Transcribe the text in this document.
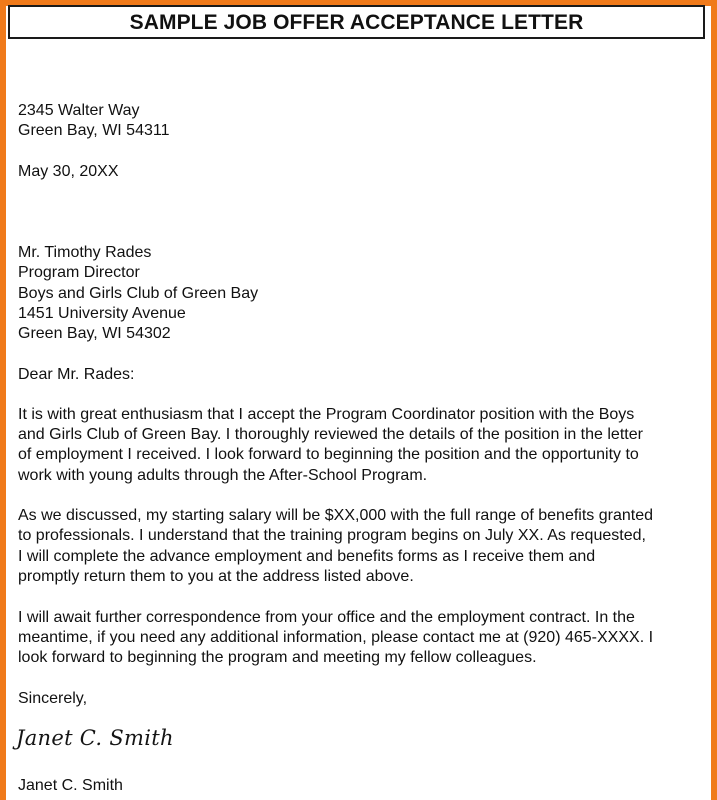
SAMPLE JOB OFFER ACCEPTANCE LETTER
2345 Walter Way
Green Bay, WI 54311
May 30, 20XX
Mr. Timothy Rades
Program Director
Boys and Girls Club of Green Bay
1451 University Avenue
Green Bay, WI 54302
Dear Mr. Rades:
It is with great enthusiasm that I accept the Program Coordinator position with the Boys
and Girls Club of Green Bay. I thoroughly reviewed the details of the position in the letter
of employment I received. I look forward to beginning the position and the opportunity to
work with young adults through the After-School Program.
As we discussed, my starting salary will be $XX,000 with the full range of benefits granted
to professionals. I understand that the training program begins on July XX. As requested,
I will complete the advance employment and benefits forms as I receive them and
promptly return them to you at the address listed above.
I will await further correspondence from your office and the employment contract. In the
meantime, if you need any additional information, please contact me at (920) 465-XXXX. I
look forward to beginning the program and meeting my fellow colleagues.
Sincerely,
Janet C. Smith
Janet C. Smith
